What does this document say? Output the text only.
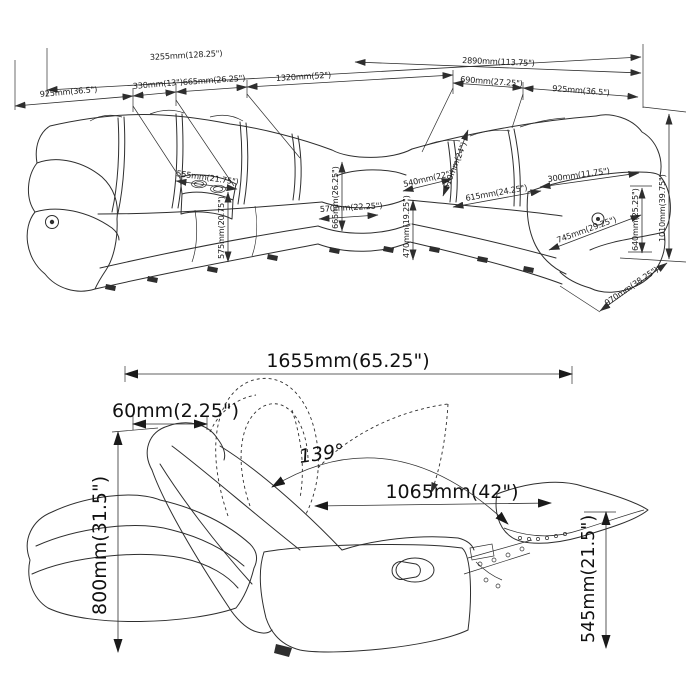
3255mm(128.25")	2890mm(113.75")
925mm(36.5")
330mm(13") 665mm(26.25")	1320mm(52")	690mm(27.25")
925mm(36.5")
555mm(21.75")
575mm(20.75")	665mm(26.25")
570mm(22.25") 470mm(19.25")
540mm(22")
610mm(24")
615mm(24.25")
300mm(11.75")
745mm(29.25") 640mm(25.25") 1010mm(39.75")
970mm(38.25")
1655mm(65.25")
60mm(2.25")
800mm(31.5")	545mm(21.5")
1065mm(42")
139°
